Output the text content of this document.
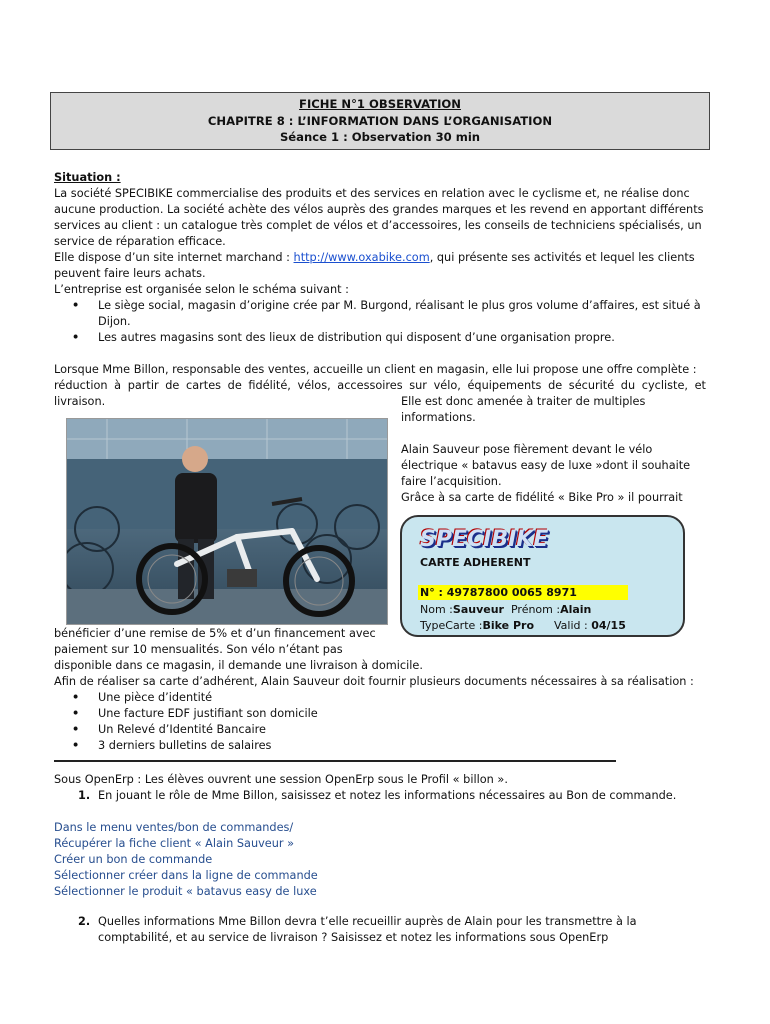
FICHE N°1 OBSERVATION
CHAPITRE 8 : L’INFORMATION DANS L’ORGANISATION
Séance 1 : Observation 30 min

Situation :

La société SPECIBIKE commercialise des produits et des services en relation avec le cyclisme et, ne réalise donc

aucune production. La société achète des vélos auprès des grandes marques et les revend en apportant différents

services au client : un catalogue très complet de vélos et d’accessoires, les conseils de techniciens spécialisés, un

service de réparation efficace.

Elle dispose d’un site internet marchand : http://www.oxabike.com, qui présente ses activités et lequel les clients

peuvent faire leurs achats.

L’entreprise est organisée selon le schéma suivant :

•	Le siège social, magasin d’origine crée par M. Burgond, réalisant le plus gros volume d’affaires, est situé à
Dijon.
•	Les autres magasins sont des lieux de distribution qui disposent d’une organisation propre.

Lorsque Mme Billon, responsable des ventes, accueille un client en magasin, elle lui propose une offre complète :

réduction à partir de cartes de fidélité, vélos, accessoires sur vélo, équipements de sécurité du cycliste, et livraison.	Elle est donc amenée à traiter de multiples

informations.

Alain Sauveur pose fièrement devant le vélo

électrique « batavus easy de luxe »dont il souhaite

faire l’acquisition.

Grâce à sa carte de fidélité « Bike Pro » il pourrait

SPECIBIKE
CARTE ADHERENT
N° : 49787800 0065 8971
Nom :Sauveur Prénom :Alain
TypeCarte :Bike Pro Valid : 04/15

bénéficier d’une remise de 5% et d’un financement avec

paiement sur 10 mensualités. Son vélo n’étant pas

disponible dans ce magasin, il demande une livraison à domicile.

Afin de réaliser sa carte d’adhérent, Alain Sauveur doit fournir plusieurs documents nécessaires à sa réalisation :

•	Une pièce d’identité
•	Une facture EDF justifiant son domicile
•	Un Relevé d’Identité Bancaire
•	3 derniers bulletins de salaires

Sous OpenErp : Les élèves ouvrent une session OpenErp sous le Profil « billon ».

1. En jouant le rôle de Mme Billon, saisissez et notez les informations nécessaires au Bon de commande.

Dans le menu ventes/bon de commandes/

Récupérer la fiche client « Alain Sauveur »

Créer un bon de commande

Sélectionner créer dans la ligne de commande

Sélectionner le produit « batavus easy de luxe

2. Quelles informations Mme Billon devra t’elle recueillir auprès de Alain pour les transmettre à la
comptabilité, et au service de livraison ? Saisissez et notez les informations sous OpenErp
